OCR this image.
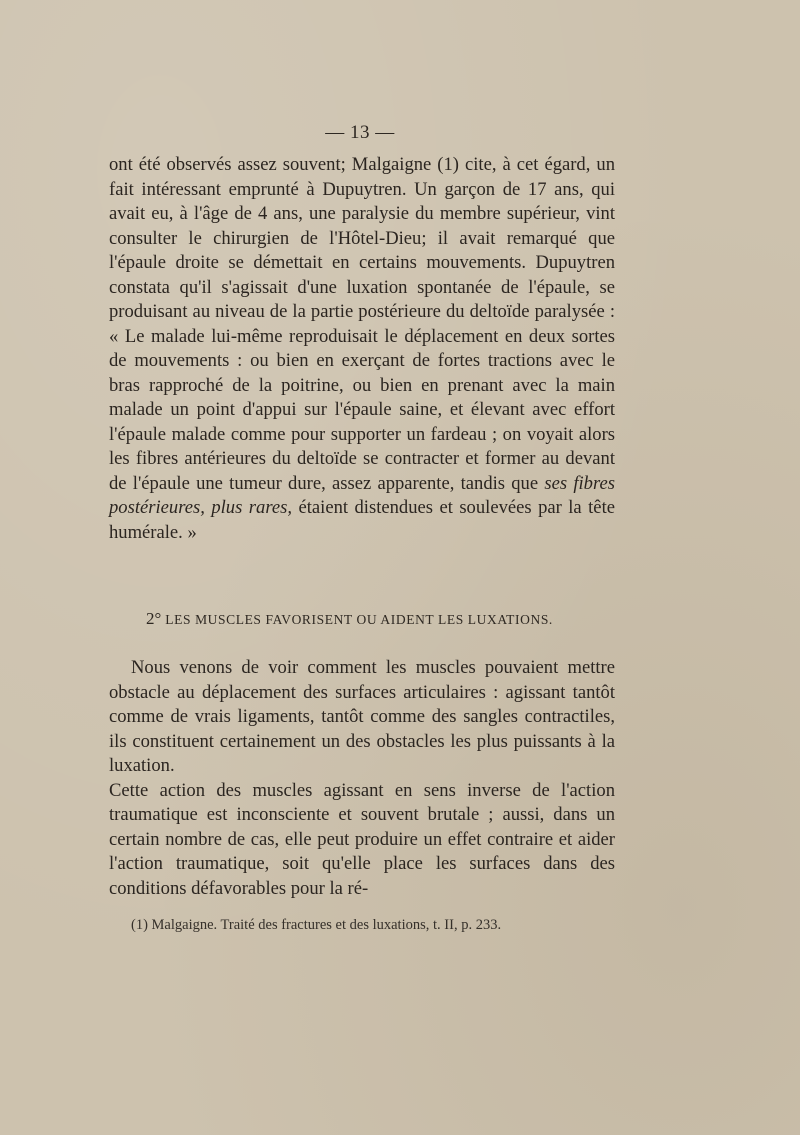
— 13 —

ont été observés assez souvent; Malgaigne (1) cite, à cet égard, un fait intéressant emprunté à Dupuytren. Un garçon de 17 ans, qui avait eu, à l'âge de 4 ans, une paralysie du membre supérieur, vint consulter le chirurgien de l'Hôtel-Dieu; il avait remarqué que l'épaule droite se démettait en certains mouvements. Dupuytren constata qu'il s'agissait d'une luxation spontanée de l'épaule, se produisant au niveau de la partie postérieure du deltoïde paralysée : « Le malade lui-même reproduisait le déplacement en deux sortes de mouvements : ou bien en exerçant de fortes tractions avec le bras rapproché de la poitrine, ou bien en prenant avec la main malade un point d'appui sur l'épaule saine, et élevant avec effort l'épaule malade comme pour supporter un fardeau ; on voyait alors les fibres antérieures du deltoïde se contracter et former au devant de l'épaule une tumeur dure, assez apparente, tandis que ses fibres postérieures, plus rares, étaient distendues et soulevées par la tête humérale. »

2° LES MUSCLES FAVORISENT OU AIDENT LES LUXATIONS.

Nous venons de voir comment les muscles pouvaient mettre obstacle au déplacement des surfaces articulaires : agissant tantôt comme de vrais ligaments, tantôt comme des sangles contractiles, ils constituent certainement un des obstacles les plus puissants à la luxation.

Cette action des muscles agissant en sens inverse de l'action traumatique est inconsciente et souvent brutale ; aussi, dans un certain nombre de cas, elle peut produire un effet contraire et aider l'action traumatique, soit qu'elle place les surfaces dans des conditions défavorables pour la ré-

(1) Malgaigne. Traité des fractures et des luxations, t. II, p. 233.
